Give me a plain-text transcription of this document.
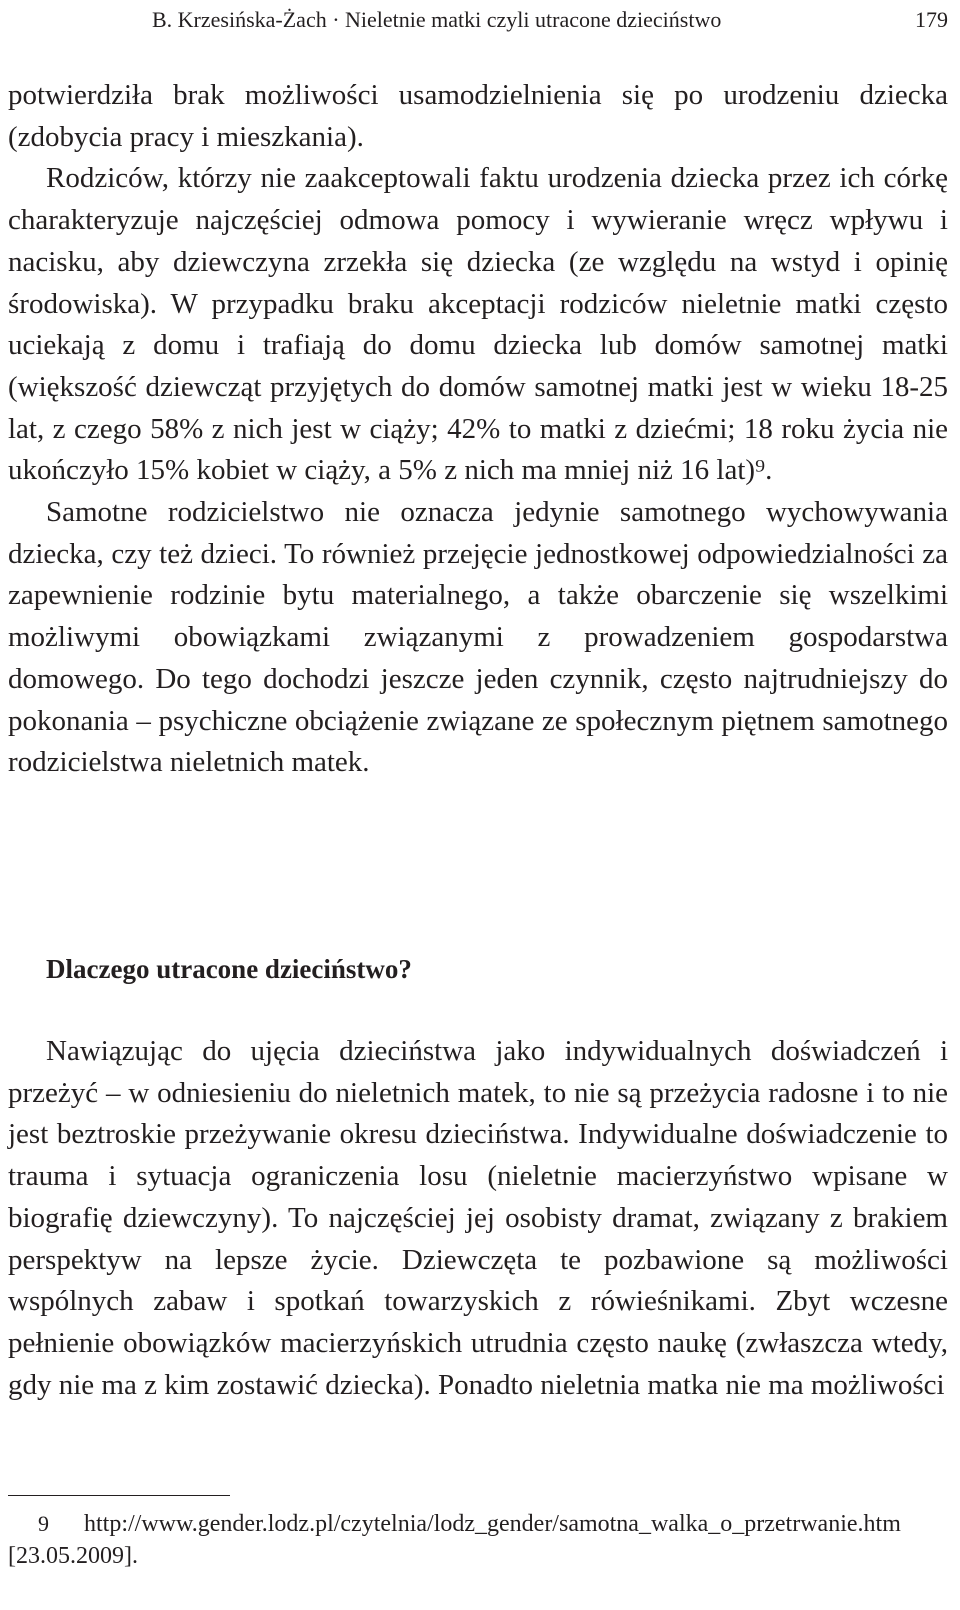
B. Krzesińska-Żach · Nieletnie matki czyli utracone dzieciństwo	179

potwierdziła brak możliwości usamodzielnienia się po urodzeniu dziecka (zdobycia pracy i mieszkania).

Rodziców, którzy nie zaakceptowali faktu urodzenia dziecka przez ich córkę charakteryzuje najczęściej odmowa pomocy i wywieranie wręcz wpływu i nacisku, aby dziewczyna zrzekła się dziecka (ze względu na wstyd i opinię środowiska). W przypadku braku akceptacji rodziców nieletnie matki często uciekają z domu i trafiają do domu dziecka lub domów samotnej matki (większość dziewcząt przyjętych do domów samotnej matki jest w wieku 18-25 lat, z czego 58% z nich jest w ciąży; 42% to matki z dziećmi; 18 roku życia nie ukończyło 15% kobiet w ciąży, a 5% z nich ma mniej niż 16 lat)⁹.

Samotne rodzicielstwo nie oznacza jedynie samotnego wychowywania dziecka, czy też dzieci. To również przejęcie jednostkowej odpowiedzialności za zapewnienie rodzinie bytu materialnego, a także obarczenie się wszelkimi możliwymi obowiązkami związanymi z prowadzeniem gospodarstwa domowego. Do tego dochodzi jeszcze jeden czynnik, często najtrudniejszy do pokonania – psychiczne obciążenie związane ze społecznym piętnem samotnego rodzicielstwa nieletnich matek.

Dlaczego utracone dzieciństwo?

Nawiązując do ujęcia dzieciństwa jako indywidualnych doświadczeń i przeżyć – w odniesieniu do nieletnich matek, to nie są przeżycia radosne i to nie jest beztroskie przeżywanie okresu dzieciństwa. Indywidualne doświadczenie to trauma i sytuacja ograniczenia losu (nieletnie macierzyństwo wpisane w biografię dziewczyny). To najczęściej jej osobisty dramat, związany z brakiem perspektyw na lepsze życie. Dziewczęta te pozbawione są możliwości wspólnych zabaw i spotkań towarzyskich z rówieśnikami. Zbyt wczesne pełnienie obowiązków macierzyńskich utrudnia często naukę (zwłaszcza wtedy, gdy nie ma z kim zostawić dziecka). Ponadto nieletnia matka nie ma możliwości

9 http://www.gender.lodz.pl/czytelnia/lodz_gender/samotna_walka_o_przetrwanie.htm [23.05.2009].
